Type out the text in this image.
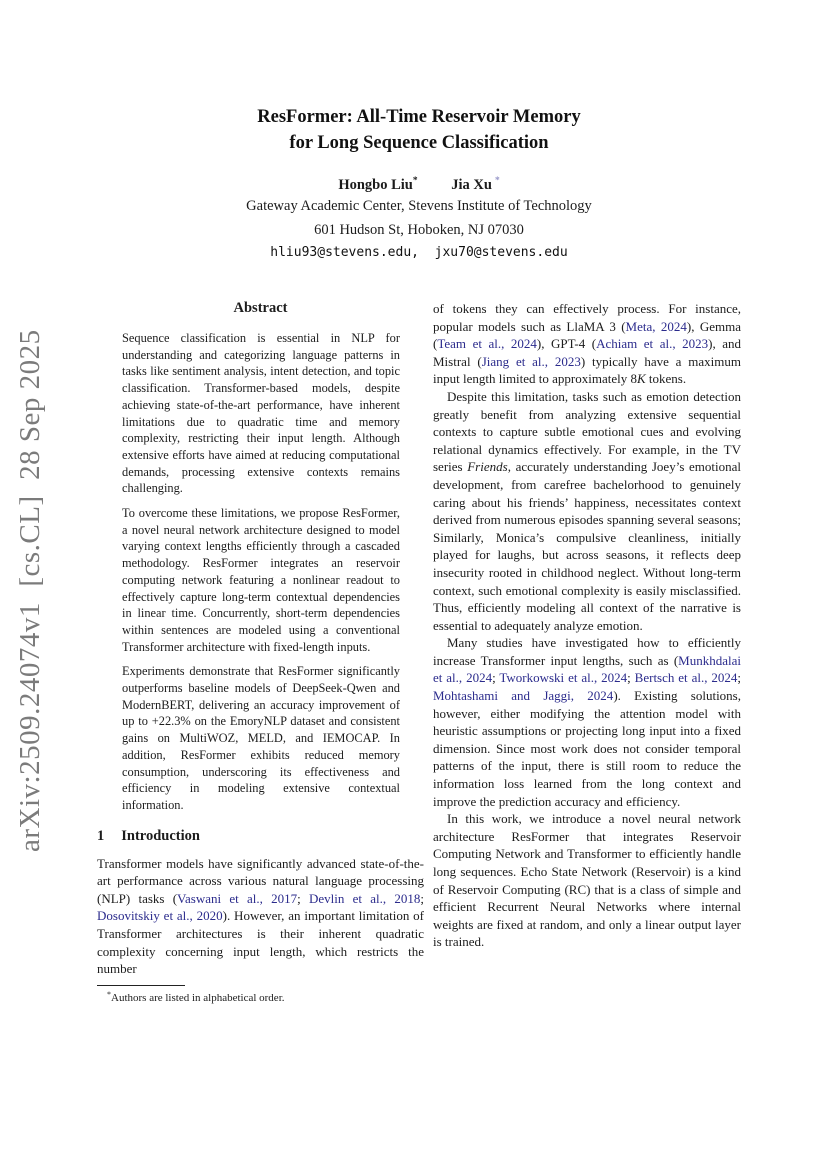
arXiv:2509.24074v1  [cs.CL]  28 Sep 2025
ResFormer: All-Time Reservoir Memory
for Long Sequence Classification
Hongbo Liu* Jia Xu *
Gateway Academic Center, Stevens Institute of Technology
601 Hudson St, Hoboken, NJ 07030
hliu93@stevens.edu,  jxu70@stevens.edu
Abstract

Sequence classification is essential in NLP for understanding and categorizing language patterns in tasks like sentiment analysis, intent detection, and topic classification. Transformer-based models, despite achieving state-of-the-art performance, have inherent limitations due to quadratic time and memory complexity, restricting their input length. Although extensive efforts have aimed at reducing computational demands, processing extensive contexts remains challenging.

To overcome these limitations, we propose ResFormer, a novel neural network architecture designed to model varying context lengths efficiently through a cascaded methodology. ResFormer integrates an reservoir computing network featuring a nonlinear readout to effectively capture long-term contextual dependencies in linear time. Concurrently, short-term dependencies within sentences are modeled using a conventional Transformer architecture with fixed-length inputs.

Experiments demonstrate that ResFormer significantly outperforms baseline models of DeepSeek-Qwen and ModernBERT, delivering an accuracy improvement of up to +22.3% on the EmoryNLP dataset and consistent gains on MultiWOZ, MELD, and IEMOCAP. In addition, ResFormer exhibits reduced memory consumption, underscoring its effectiveness and efficiency in modeling extensive contextual information.

1 Introduction

Transformer models have significantly advanced state-of-the-art performance across various natural language processing (NLP) tasks (Vaswani et al., 2017; Devlin et al., 2018; Dosovitskiy et al., 2020). However, an important limitation of Transformer architectures is their inherent quadratic complexity concerning input length, which restricts the number

*Authors are listed in alphabetical order.

of tokens they can effectively process. For instance, popular models such as LlaMA 3 (Meta, 2024), Gemma (Team et al., 2024), GPT-4 (Achiam et al., 2023), and Mistral (Jiang et al., 2023) typically have a maximum input length limited to approximately 8K tokens.

Despite this limitation, tasks such as emotion detection greatly benefit from analyzing extensive sequential contexts to capture subtle emotional cues and evolving relational dynamics effectively. For example, in the TV series Friends, accurately understanding Joey’s emotional development, from carefree bachelorhood to genuinely caring about his friends’ happiness, necessitates context derived from numerous episodes spanning several seasons; Similarly, Monica’s compulsive cleanliness, initially played for laughs, but across seasons, it reflects deep insecurity rooted in childhood neglect. Without long-term context, such emotional complexity is easily misclassified. Thus, efficiently modeling all context of the narrative is essential to adequately analyze emotion.

Many studies have investigated how to efficiently increase Transformer input lengths, such as (Munkhdalai et al., 2024; Tworkowski et al., 2024; Bertsch et al., 2024; Mohtashami and Jaggi, 2024). Existing solutions, however, either modifying the attention model with heuristic assumptions or projecting long input into a fixed dimension. Since most work does not consider temporal patterns of the input, there is still room to reduce the information loss learned from the long context and improve the prediction accuracy and efficiency.

In this work, we introduce a novel neural network architecture ResFormer that integrates Reservoir Computing Network and Transformer to efficiently handle long sequences. Echo State Network (Reservoir) is a kind of Reservoir Computing (RC) that is a class of simple and efficient Recurrent Neural Networks where internal weights are fixed at random, and only a linear output layer is trained.
